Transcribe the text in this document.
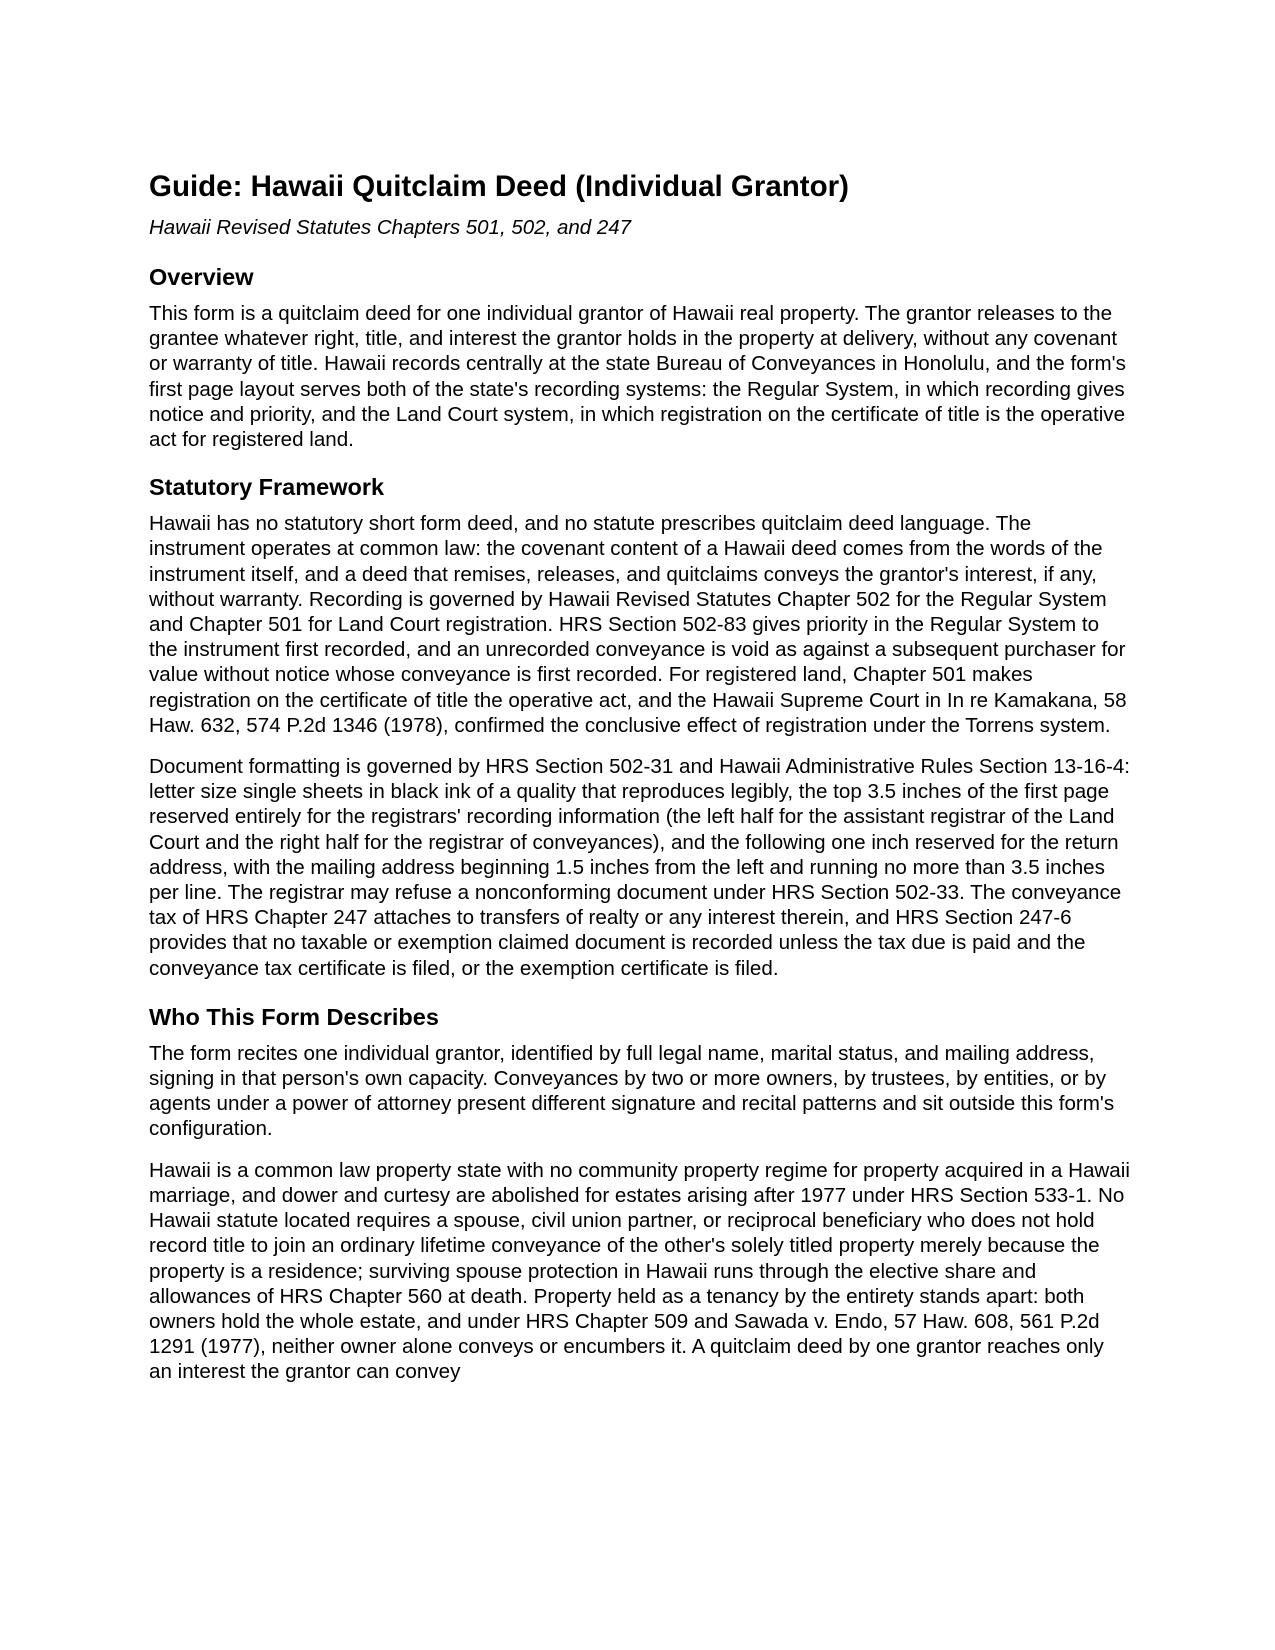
Guide: Hawaii Quitclaim Deed (Individual Grantor)
Hawaii Revised Statutes Chapters 501, 502, and 247
Overview

This form is a quitclaim deed for one individual grantor of Hawaii real property. The grantor releases to the grantee whatever right, title, and interest the grantor holds in the property at delivery, without any covenant or warranty of title. Hawaii records centrally at the state Bureau of Conveyances in Honolulu, and the form's first page layout serves both of the state's recording systems: the Regular System, in which recording gives notice and priority, and the Land Court system, in which registration on the certificate of title is the operative act for registered land.

Statutory Framework

Hawaii has no statutory short form deed, and no statute prescribes quitclaim deed language. The instrument operates at common law: the covenant content of a Hawaii deed comes from the words of the instrument itself, and a deed that remises, releases, and quitclaims conveys the grantor's interest, if any, without warranty. Recording is governed by Hawaii Revised Statutes Chapter 502 for the Regular System and Chapter 501 for Land Court registration. HRS Section 502-83 gives priority in the Regular System to the instrument first recorded, and an unrecorded conveyance is void as against a subsequent purchaser for value without notice whose conveyance is first recorded. For registered land, Chapter 501 makes registration on the certificate of title the operative act, and the Hawaii Supreme Court in In re Kamakana, 58 Haw. 632, 574 P.2d 1346 (1978), confirmed the conclusive effect of registration under the Torrens system.

Document formatting is governed by HRS Section 502-31 and Hawaii Administrative Rules Section 13-16-4: letter size single sheets in black ink of a quality that reproduces legibly, the top 3.5 inches of the first page reserved entirely for the registrars' recording information (the left half for the assistant registrar of the Land Court and the right half for the registrar of conveyances), and the following one inch reserved for the return address, with the mailing address beginning 1.5 inches from the left and running no more than 3.5 inches per line. The registrar may refuse a nonconforming document under HRS Section 502-33. The conveyance tax of HRS Chapter 247 attaches to transfers of realty or any interest therein, and HRS Section 247-6 provides that no taxable or exemption claimed document is recorded unless the tax due is paid and the conveyance tax certificate is filed, or the exemption certificate is filed.

Who This Form Describes

The form recites one individual grantor, identified by full legal name, marital status, and mailing address, signing in that person's own capacity. Conveyances by two or more owners, by trustees, by entities, or by agents under a power of attorney present different signature and recital patterns and sit outside this form's configuration.

Hawaii is a common law property state with no community property regime for property acquired in a Hawaii marriage, and dower and curtesy are abolished for estates arising after 1977 under HRS Section 533-1. No Hawaii statute located requires a spouse, civil union partner, or reciprocal beneficiary who does not hold record title to join an ordinary lifetime conveyance of the other's solely titled property merely because the property is a residence; surviving spouse protection in Hawaii runs through the elective share and allowances of HRS Chapter 560 at death. Property held as a tenancy by the entirety stands apart: both owners hold the whole estate, and under HRS Chapter 509 and Sawada v. Endo, 57 Haw. 608, 561 P.2d 1291 (1977), neither owner alone conveys or encumbers it. A quitclaim deed by one grantor reaches only an interest the grantor can convey
